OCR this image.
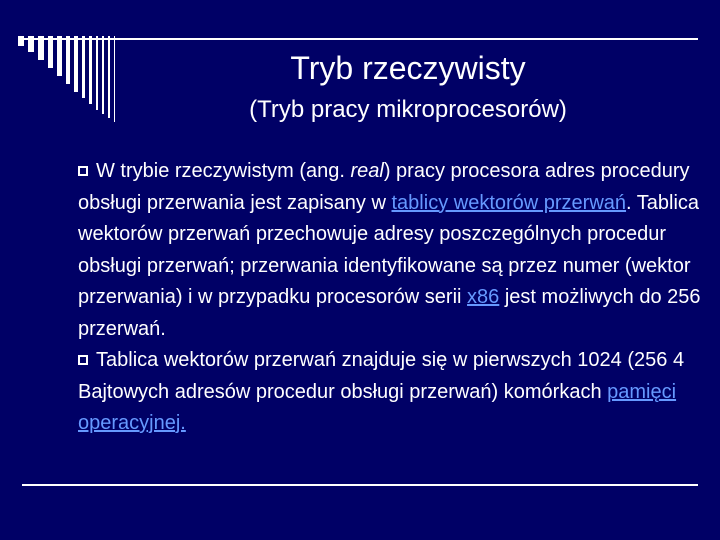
Tryb rzeczywisty
(Tryb pracy mikroprocesorów)
W trybie rzeczywistym (ang. real) pracy procesora adres procedury obsługi przerwania jest zapisany w tablicy wektorów przerwań. Tablica wektorów przerwań przechowuje adresy poszczególnych procedur obsługi przerwań; przerwania identyfikowane są przez numer (wektor przerwania) i w przypadku procesorów serii x86 jest możliwych do 256 przerwań.
Tablica wektorów przerwań znajduje się w pierwszych 1024 (256 4 Bajtowych adresów procedur obsługi przerwań) komórkach pamięci operacyjnej.
